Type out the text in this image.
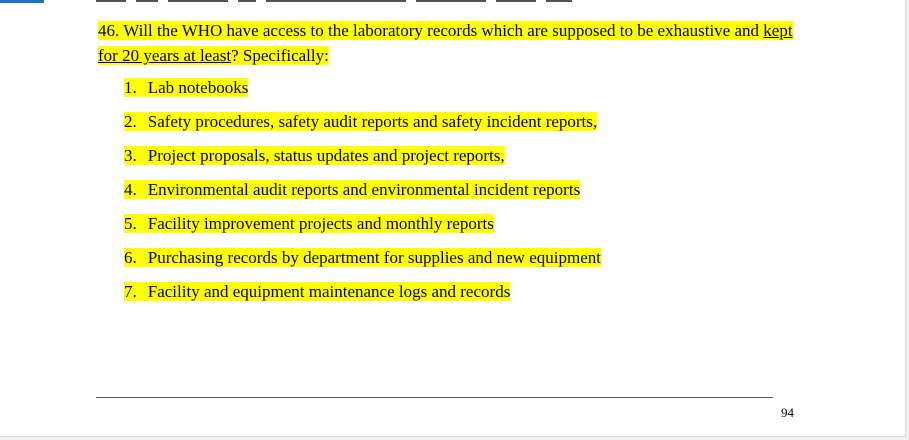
46. Will the WHO have access to the laboratory records which are supposed to be exhaustive and kept for 20 years at least? Specifically:
1. Lab notebooks
2. Safety procedures, safety audit reports and safety incident reports,
3. Project proposals, status updates and project reports,
4. Environmental audit reports and environmental incident reports
5. Facility improvement projects and monthly reports
6. Purchasing records by department for supplies and new equipment
7. Facility and equipment maintenance logs and records
94
